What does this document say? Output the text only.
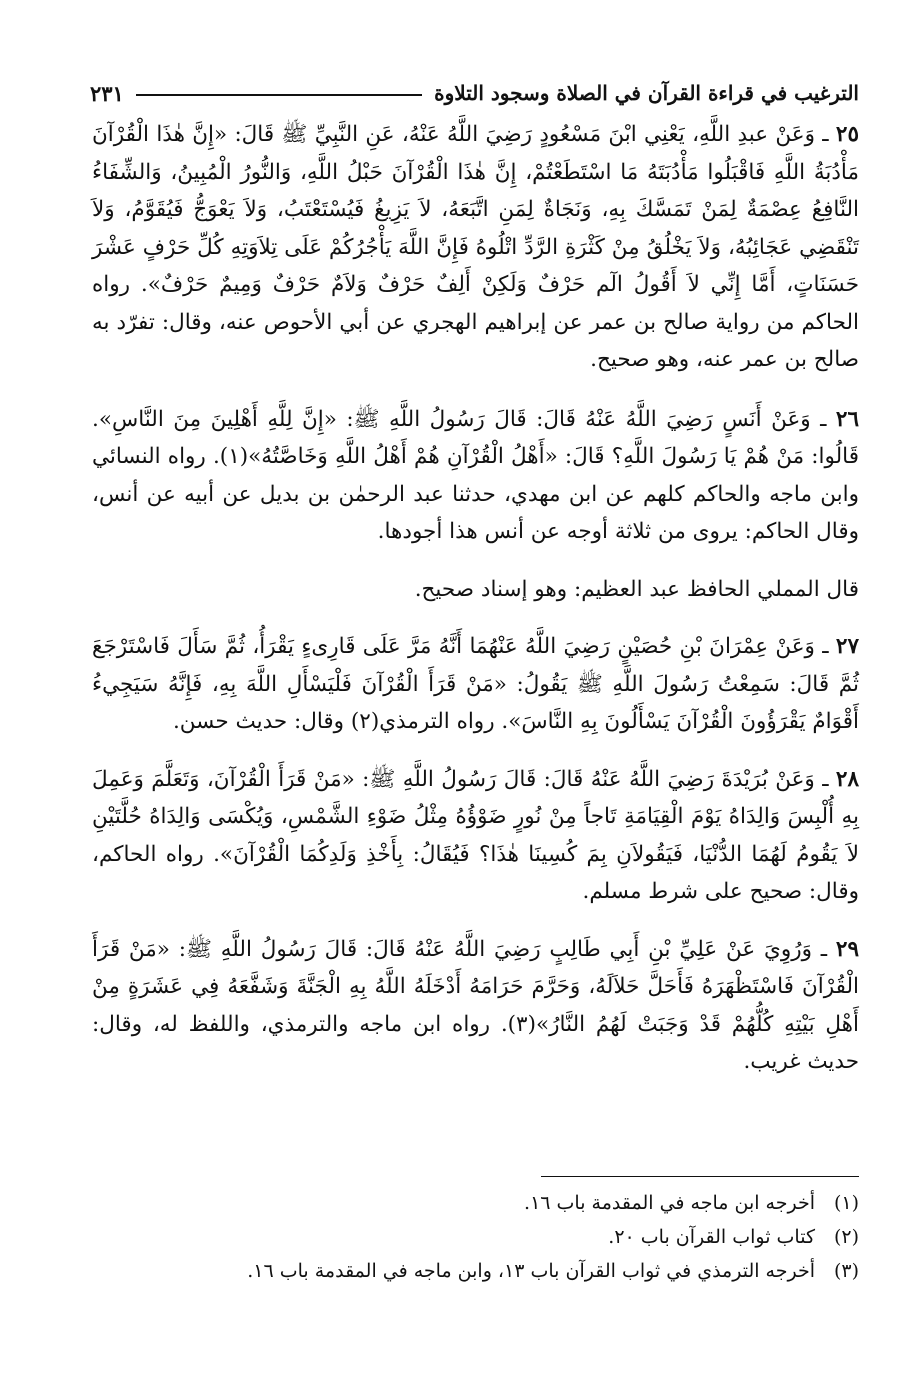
الترغيب في قراءة القرآن في الصلاة وسجود التلاوة
٢٣١

٢٥ ـ وَعَنْ عبدِ اللَّهِ، يَعْنِي ابْنَ مَسْعُودٍ رَضِيَ اللَّهُ عَنْهُ، عَنِ النَّبِيِّ ﷺ قَالَ: «إِنَّ هٰذَا الْقُرْآنَ مَأْدُبَةُ اللَّهِ فَاقْبَلُوا مَأْدُبَتَهُ مَا اسْتَطَعْتُمْ، إِنَّ هٰذَا الْقُرْآنَ حَبْلُ اللَّهِ، وَالنُّورُ الْمُبِينُ، وَالشِّفَاءُ النَّافِعُ عِصْمَةٌ لِمَنْ تَمَسَّكَ بِهِ، وَنَجَاةٌ لِمَنِ اتَّبَعَهُ، لاَ يَزِيغُ فَيُسْتَعْتَبُ، وَلاَ يَعْوَجُّ فَيُقَوَّمُ، وَلاَ تَنْقَضِي عَجَائِبُهُ، وَلاَ يَخْلُقُ مِنْ كَثْرَةِ الرَّدِّ اتْلُوهُ فَإِنَّ اللَّهَ يَأْجُرُكُمْ عَلَى تِلاَوَتِهِ كُلِّ حَرْفٍ عَشْرَ حَسَنَاتٍ، أَمَّا إِنِّي لاَ أَقُولُ الٓم حَرْفٌ وَلَكِنْ أَلِفٌ حَرْفٌ وَلاَمٌ حَرْفٌ وَمِيمٌ حَرْفٌ». رواه الحاكم من رواية صالح بن عمر عن إبراهيم الهجري عن أبي الأحوص عنه، وقال: تفرّد به صالح بن عمر عنه، وهو صحيح.

٢٦ ـ وَعَنْ أَنَسٍ رَضِيَ اللَّهُ عَنْهُ قَالَ: قَالَ رَسُولُ اللَّهِ ﷺ: «إِنَّ لِلَّهِ أَهْلِينَ مِنَ النَّاسِ». قَالُوا: مَنْ هُمْ يَا رَسُولَ اللَّهِ؟ قَالَ: «أَهْلُ الْقُرْآنِ هُمْ أَهْلُ اللَّهِ وَخَاصَّتُهُ»(١). رواه النسائي وابن ماجه والحاكم كلهم عن ابن مهدي، حدثنا عبد الرحمٰن بن بديل عن أبيه عن أنس، وقال الحاكم: يروى من ثلاثة أوجه عن أنس هذا أجودها.

قال المملي الحافظ عبد العظيم: وهو إسناد صحيح.

٢٧ ـ وَعَنْ عِمْرَانَ بْنِ حُصَيْنٍ رَضِيَ اللَّهُ عَنْهُمَا أَنَّهُ مَرَّ عَلَى قَارِىءٍ يَقْرَأُ، ثُمَّ سَأَلَ فَاسْتَرْجَعَ ثُمَّ قَالَ: سَمِعْتُ رَسُولَ اللَّهِ ﷺ يَقُولُ: «مَنْ قَرَأَ الْقُرْآنَ فَلْيَسْأَلِ اللَّهَ بِهِ، فَإِنَّهُ سَيَجِيءُ أَقْوَامٌ يَقْرَؤُونَ الْقُرْآنَ يَسْأَلُونَ بِهِ النَّاسَ». رواه الترمذي(٢) وقال: حديث حسن.

٢٨ ـ وَعَنْ بُرَيْدَةَ رَضِيَ اللَّهُ عَنْهُ قَالَ: قَالَ رَسُولُ اللَّهِ ﷺ: «مَنْ قَرَأَ الْقُرْآنَ، وَتَعَلَّمَ وَعَمِلَ بِهِ أُلْبِسَ وَالِدَاهُ يَوْمَ الْقِيَامَةِ تَاجاً مِنْ نُورٍ ضَوْؤُهُ مِثْلُ ضَوْءِ الشَّمْسِ، وَيُكْسَى وَالِدَاهُ حُلَّتَيْنِ لاَ يَقُومُ لَهُمَا الدُّنْيَا، فَيَقُولاَنِ بِمَ كُسِينَا هٰذَا؟ فَيُقَالُ: بِأَخْذِ وَلَدِكُمَا الْقُرْآنَ». رواه الحاكم، وقال: صحيح على شرط مسلم.

٢٩ ـ وَرُوِيَ عَنْ عَلِيِّ بْنِ أَبِي طَالِبٍ رَضِيَ اللَّهُ عَنْهُ قَالَ: قَالَ رَسُولُ اللَّهِ ﷺ: «مَنْ قَرَأَ الْقُرْآنَ فَاسْتَظْهَرَهُ فَأَحَلَّ حَلاَلَهُ، وَحَرَّمَ حَرَامَهُ أَدْخَلَهُ اللَّهُ بِهِ الْجَنَّةَ وَشَفَّعَهُ فِي عَشَرَةٍ مِنْ أَهْلِ بَيْتِهِ كُلُّهُمْ قَدْ وَجَبَتْ لَهُمُ النَّارُ»(٣). رواه ابن ماجه والترمذي، واللفظ له، وقال: حديث غريب.

(١)
أخرجه ابن ماجه في المقدمة باب ١٦.
(٢)
كتاب ثواب القرآن باب ٢٠.
(٣)
أخرجه الترمذي في ثواب القرآن باب ١٣، وابن ماجه في المقدمة باب ١٦.
